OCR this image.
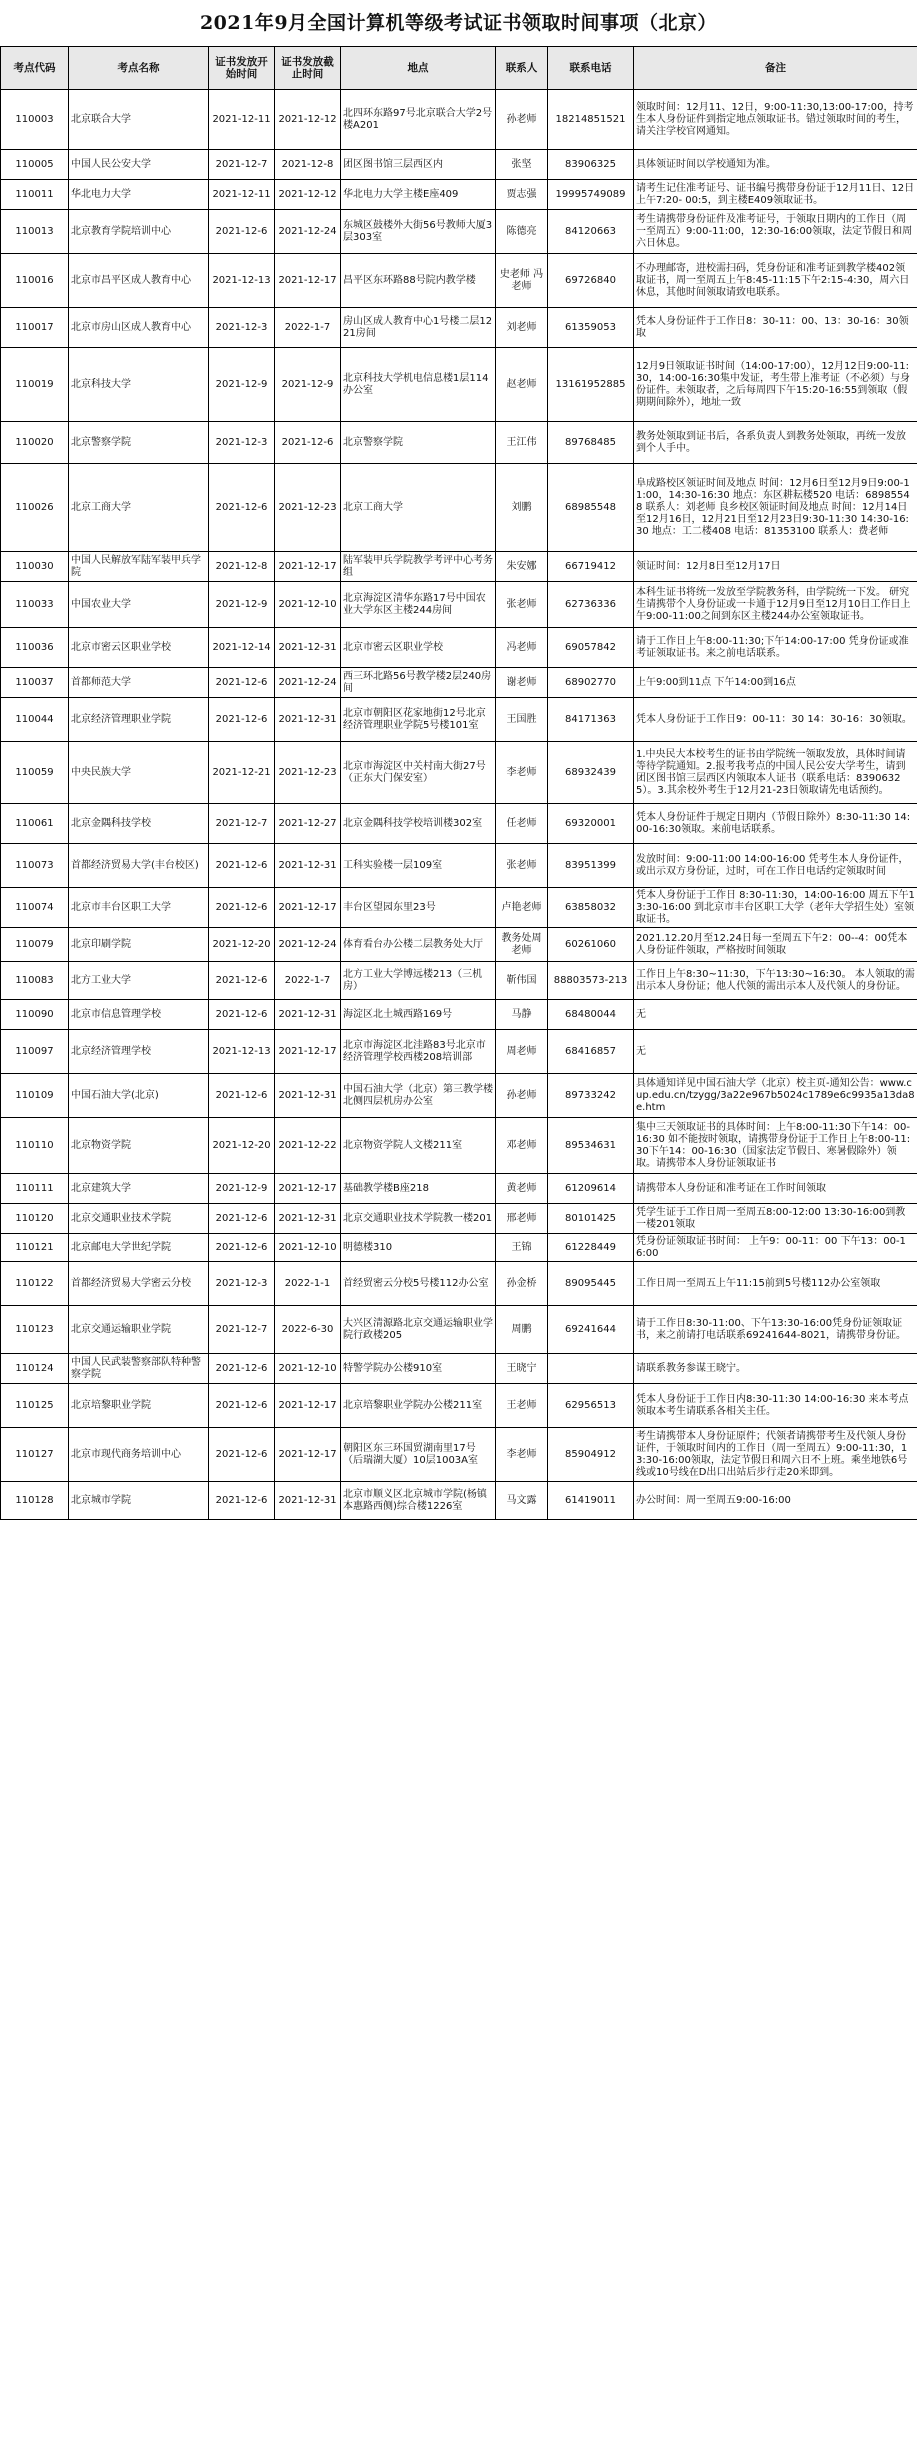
2021年9月全国计算机等级考试证书领取时间事项（北京）
考点代码	考点名称	证书发放开始时间	证书发放截止时间	地点	联系人	联系电话	备注
110003	北京联合大学	2021-12-11	2021-12-12	北四环东路97号北京联合大学2号楼A201	孙老师	18214851521	领取时间：12月11、12日，9:00-11:30,13:00-17:00，持考生本人身份证件到指定地点领取证书。错过领取时间的考生，请关注学校官网通知。
110005	中国人民公安大学	2021-12-7	2021-12-8	团区图书馆三层西区内	张坚	83906325	具体领证时间以学校通知为准。
110011	华北电力大学	2021-12-11	2021-12-12	华北电力大学主楼E座409	贾志强	19995749089	请考生记住准考证号、证书编号携带身份证于12月11日、12日上午7:20- 00:5，到主楼E409领取证书。
110013	北京教育学院培训中心	2021-12-6	2021-12-24	东城区鼓楼外大街56号教师大厦3层303室	陈德亮	84120663	考生请携带身份证件及准考证号，于领取日期内的工作日（周一至周五）9:00-11:00，12:30-16:00领取，法定节假日和周六日休息。
110016	北京市昌平区成人教育中心	2021-12-13	2021-12-17	昌平区东环路88号院内教学楼	史老师 冯老师	69726840	不办理邮寄，进校需扫码，凭身份证和准考证到教学楼402领取证书，周一至周五上午8:45-11:15下午2:15-4:30，周六日休息，其他时间领取请致电联系。
110017	北京市房山区成人教育中心	2021-12-3	2022-1-7	房山区成人教育中心1号楼二层1221房间	刘老师	61359053	凭本人身份证件于工作日8：30-11：00、13：30-16：30领取
110019	北京科技大学	2021-12-9	2021-12-9	北京科技大学机电信息楼1层114办公室	赵老师	13161952885	12月9日领取证书时间（14:00-17:00），12月12日9:00-11:30，14:00-16:30集中发证，考生带上准考证（不必须）与身份证件。未领取者，之后每周四下午15:20-16:55到领取（假期期间除外），地址一致
110020	北京警察学院	2021-12-3	2021-12-6	北京警察学院	王江伟	89768485	教务处领取到证书后，各系负责人到教务处领取，再统一发放到个人手中。
110026	北京工商大学	2021-12-6	2021-12-23	北京工商大学	刘鹏	68985548	阜成路校区领证时间及地点 时间：12月6日至12月9日9:00-11:00，14:30-16:30 地点：东区耕耘楼520 电话：68985548 联系人：刘老师 良乡校区领证时间及地点 时间：12月14日至12月16日，12月21日至12月23日9:30-11:30 14:30-16:30 地点：工二楼408 电话：81353100 联系人：费老师
110030	中国人民解放军陆军装甲兵学院	2021-12-8	2021-12-17	陆军装甲兵学院教学考评中心考务组	朱安娜	66719412	领证时间：12月8日至12月17日
110033	中国农业大学	2021-12-9	2021-12-10	北京海淀区清华东路17号中国农业大学东区主楼244房间	张老师	62736336	本科生证书将统一发放至学院教务科，由学院统一下发。 研究生请携带个人身份证或一卡通于12月9日至12月10日工作日上午9:00-11:00之间到东区主楼244办公室领取证书。
110036	北京市密云区职业学校	2021-12-14	2021-12-31	北京市密云区职业学校	冯老师	69057842	请于工作日上午8:00-11:30;下午14:00-17:00 凭身份证或准考证领取证书。来之前电话联系。
110037	首都师范大学	2021-12-6	2021-12-24	西三环北路56号教学楼2层240房间	谢老师	68902770	上午9:00到11点 下午14:00到16点
110044	北京经济管理职业学院	2021-12-6	2021-12-31	北京市朝阳区花家地街12号北京经济管理职业学院5号楼101室	王国胜	84171363	凭本人身份证于工作日9：00-11：30 14：30-16：30领取。
110059	中央民族大学	2021-12-21	2021-12-23	北京市海淀区中关村南大街27号（正东大门保安室）	李老师	68932439	1.中央民大本校考生的证书由学院统一领取发放，具体时间请等待学院通知。2.报考我考点的中国人民公安大学考生，请到团区图书馆三层西区内领取本人证书（联系电话：83906325）。3.其余校外考生于12月21-23日领取请先电话预约。
110061	北京金隅科技学校	2021-12-7	2021-12-27	北京金隅科技学校培训楼302室	任老师	69320001	凭本人身份证件于规定日期内（节假日除外）8:30-11:30 14:00-16:30领取。来前电话联系。
110073	首都经济贸易大学(丰台校区)	2021-12-6	2021-12-31	工科实验楼一层109室	张老师	83951399	发放时间：9:00-11:00 14:00-16:00 凭考生本人身份证件，或出示双方身份证，过时，可在工作日电话约定领取时间
110074	北京市丰台区职工大学	2021-12-6	2021-12-17	丰台区望园东里23号	卢艳老师	63858032	凭本人身份证于工作日 8:30-11:30，14:00-16:00 周五下午13:30-16:00 到北京市丰台区职工大学（老年大学招生处）室领取证书。
110079	北京印刷学院	2021-12-20	2021-12-24	体育看台办公楼二层教务处大厅	教务处周老师	60261060	2021.12.20月至12.24日每一至周五下午2：00--4：00凭本人身份证件领取，严格按时间领取
110083	北方工业大学	2021-12-6	2022-1-7	北方工业大学博远楼213（三机房）	靳伟国	88803573-213	工作日上午8:30~11:30，下午13:30~16:30。 本人领取的需出示本人身份证；他人代领的需出示本人及代领人的身份证。
110090	北京市信息管理学校	2021-12-6	2021-12-31	海淀区北土城西路169号	马静	68480044	无
110097	北京经济管理学校	2021-12-13	2021-12-17	北京市海淀区北洼路83号北京市经济管理学校西楼208培训部	周老师	68416857	无
110109	中国石油大学(北京)	2021-12-6	2021-12-31	中国石油大学（北京）第三教学楼北侧四层机房办公室	孙老师	89733242	具体通知详见中国石油大学（北京）校主页-通知公告：www.cup.edu.cn/tzygg/3a22e967b5024c1789e6c9935a13da8e.htm
110110	北京物资学院	2021-12-20	2021-12-22	北京物资学院人文楼211室	邓老师	89534631	集中三天领取证书的具体时间：上午8:00-11:30下午14：00-16:30 如不能按时领取，请携带身份证于工作日上午8:00-11:30下午14：00-16:30（国家法定节假日、寒暑假除外）领取。请携带本人身份证领取证书
110111	北京建筑大学	2021-12-9	2021-12-17	基础教学楼B座218	黄老师	61209614	请携带本人身份证和准考证在工作时间领取
110120	北京交通职业技术学院	2021-12-6	2021-12-31	北京交通职业技术学院教一楼201	邢老师	80101425	凭学生证于工作日周一至周五8:00-12:00 13:30-16:00到教一楼201领取
110121	北京邮电大学世纪学院	2021-12-6	2021-12-10	明德楼310	王锦	61228449	凭身份证领取证书时间： 上午9：00-11：00 下午13：00-16:00
110122	首都经济贸易大学密云分校	2021-12-3	2022-1-1	首经贸密云分校5号楼112办公室	孙金桥	89095445	工作日周一至周五上午11:15前到5号楼112办公室领取
110123	北京交通运输职业学院	2021-12-7	2022-6-30	大兴区清源路北京交通运输职业学院行政楼205	周鹏	69241644	请于工作日8:30-11:00、下午13:30-16:00凭身份证领取证书，来之前请打电话联系69241644-8021，请携带身份证。
110124	中国人民武装警察部队特种警察学院	2021-12-6	2021-12-10	特警学院办公楼910室	王晓宁		请联系教务参谋王晓宁。
110125	北京培黎职业学院	2021-12-6	2021-12-17	北京培黎职业学院办公楼211室	王老师	62956513	凭本人身份证于工作日内8:30-11:30 14:00-16:30 来本考点领取本考生请联系各相关主任。
110127	北京市现代商务培训中心	2021-12-6	2021-12-17	朝阳区东三环国贸湖南里17号（后瑞湖大厦）10层1003A室	李老师	85904912	考生请携带本人身份证原件；代领者请携带考生及代领人身份证件，于领取时间内的工作日（周一至周五）9:00-11:30，13:30-16:00领取，法定节假日和周六日不上班。乘坐地铁6号线或10号线在D出口出站后步行走20米即到。
110128	北京城市学院	2021-12-6	2021-12-31	北京市顺义区北京城市学院(杨镇本惠路西侧)综合楼1226室	马文露	61419011	办公时间：周一至周五9:00-16:00
